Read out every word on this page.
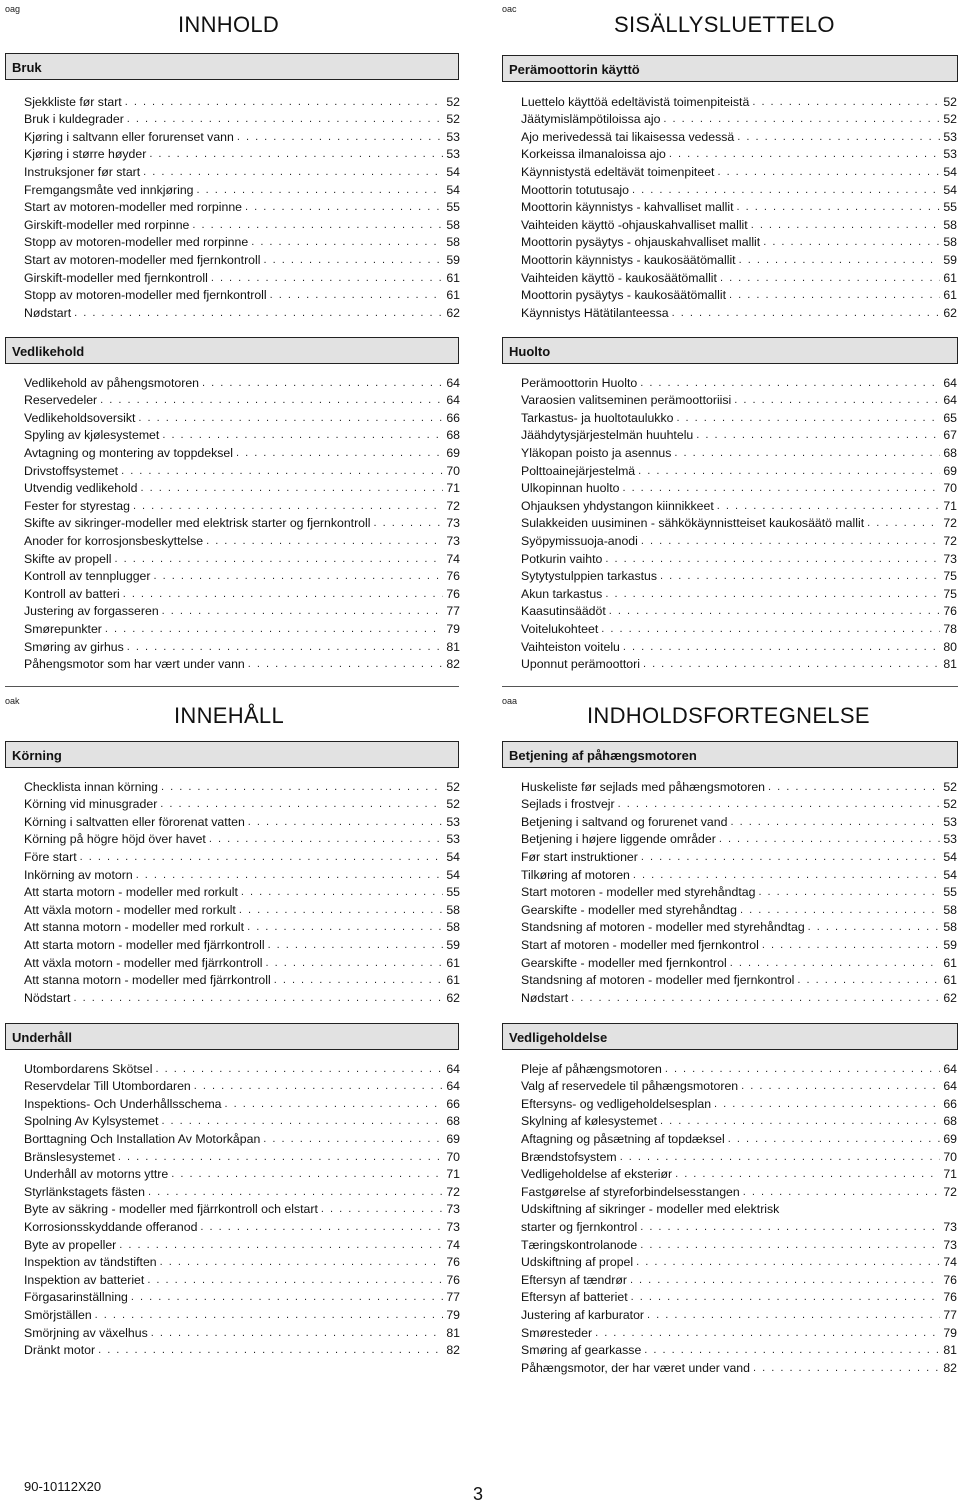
oag
INNHOLD
Bruk
Sjekkliste før start . . .	52
Bruk i kuldegrader . . .	52
Kjøring i saltvann eller forurenset vann . . .	53
Kjøring i større høyder . . .	53
Instruksjoner før start . . .	54
Fremgangsmåte ved innkjøring . . .	54
Start av motoren-modeller med rorpinne . . .	55
Girskift-modeller med rorpinne . . .	58
Stopp av motoren-modeller med rorpinne . . .	58
Start av motoren-modeller med fjernkontroll . . .	59
Girskift-modeller med fjernkontroll . . .	61
Stopp av motoren-modeller med fjernkontroll . . .	61
Nødstart . . .	62
Vedlikehold
Vedlikehold av påhengsmotoren . . .	64
Reservedeler . . .	64
Vedlikeholdsoversikt . . .	66
Spyling av kjølesystemet . . .	68
Avtagning og montering av toppdeksel . . .	69
Drivstoffsystemet . . .	70
Utvendig vedlikehold . . .	71
Fester for styrestag . . .	72
Skifte av sikringer-modeller med elektrisk starter og fjernkontroll . . .	73
Anoder for korrosjonsbeskyttelse . . .	73
Skifte av propell . . .	74
Kontroll av tennplugger . . .	76
Kontroll av batteri . . .	76
Justering av forgasseren . . .	77
Smørepunkter . . .	79
Smøring av girhus . . .	81
Påhengsmotor som har vært under vann . . .	82
oac
SISÄLLYSLUETTELO
Perämoottorin käyttö
Luettelo käyttöä edeltävistä toimenpiteistä . . .	52
Jäätymislämpötiloissa ajo . . .	52
Ajo merivedessä tai likaisessa vedessä . . .	53
Korkeissa ilmanaloissa ajo . . .	53
Käynnistystä edeltävät toimenpiteet . . .	54
Moottorin totutusajo . . .	54
Moottorin käynnistys - kahvalliset mallit . . .	55
Vaihteiden käyttö -ohjauskahvalliset mallit . . .	58
Moottorin pysäytys - ohjauskahvalliset mallit . . .	58
Moottorin käynnistys - kaukosäätömallit . . .	59
Vaihteiden käyttö - kaukosäätömallit . . .	61
Moottorin pysäytys - kaukosäätömallit . . .	61
Käynnistys Hätätilanteessa . . .	62
Huolto
Perämoottorin Huolto . . .	64
Varaosien valitseminen perämoottoriisi . . .	64
Tarkastus- ja huoltotaulukko . . .	65
Jäähdytysjärjestelmän huuhtelu . . .	67
Yläkopan poisto ja asennus . . .	68
Polttoainejärjestelmä . . .	69
Ulkopinnan huolto . . .	70
Ohjauksen yhdystangon kiinnikkeet . . .	71
Sulakkeiden uusiminen - sähkökäynnistteiset kaukosäätö mallit . . .	72
Syöpymissuoja-anodi . . .	72
Potkurin vaihto . . .	73
Sytytystulppien tarkastus . . .	75
Akun tarkastus . . .	75
Kaasutinsäädöt . . .	76
Voitelukohteet . . .	78
Vaihteiston voitelu . . .	80
Uponnut perämoottori . . .	81
oak
INNEHÅLL
Körning
Checklista innan körning . . .	52
Körning vid minusgrader . . .	52
Körning i saltvatten eller förorenat vatten . . .	53
Körning på högre höjd över havet . . .	53
Före start . . .	54
Inkörning av motorn . . .	54
Att starta motorn - modeller med rorkult . . .	55
Att växla motorn - modeller med rorkult . . .	58
Att stanna motorn - modeller med rorkult . . .	58
Att starta motorn - modeller med fjärrkontroll . . .	59
Att växla motorn - modeller med fjärrkontroll . . .	61
Att stanna motorn - modeller med fjärrkontroll . . .	61
Nödstart . . .	62
Underhåll
Utombordarens Skötsel . . .	64
Reservdelar Till Utombordaren . . .	64
Inspektions- Och Underhållsschema . . .	66
Spolning Av Kylsystemet . . .	68
Borttagning Och Installation Av Motorkåpan . . .	69
Bränslesystemet . . .	70
Underhåll av motorns yttre . . .	71
Styrlänkstagets fästen . . .	72
Byte av säkring - modeller med fjärrkontroll och elstart . . .	73
Korrosionsskyddande offeranod . . .	73
Byte av propeller . . .	74
Inspektion av tändstiften . . .	76
Inspektion av batteriet . . .	76
Förgasarinställning . . .	77
Smörjställen . . .	79
Smörjning av växelhus . . .	81
Dränkt motor . . .	82
oaa
INDHOLDSFORTEGNELSE
Betjening af påhængsmotoren
Huskeliste før sejlads med påhængsmotoren . . .	52
Sejlads i frostvejr . . .	52
Betjening i saltvand og forurenet vand . . .	53
Betjening i højere liggende områder . . .	53
Før start instruktioner . . .	54
Tilkøring af motoren . . .	54
Start motoren - modeller med styrehåndtag . . .	55
Gearskifte - modeller med styrehåndtag . . .	58
Standsning af motoren - modeller med styrehåndtag . . .	58
Start af motoren - modeller med fjernkontrol . . .	59
Gearskifte - modeller med fjernkontrol . . .	61
Standsning af motoren - modeller med fjernkontrol . . .	61
Nødstart . . .	62
Vedligeholdelse
Pleje af påhængsmotoren . . .	64
Valg af reservedele til påhængsmotoren . . .	64
Eftersyns- og vedligeholdelsesplan . . .	66
Skylning af kølesystemet . . .	68
Aftagning og påsætning af topdæksel . . .	69
Brændstofsystem . . .	70
Vedligeholdelse af eksteriør . . .	71
Fastgørelse af styreforbindelsesstangen . . .	72
Udskiftning af sikringer - modeller med elektrisk
starter og fjernkontrol . . .	73
Tæringskontrolanode . . .	73
Udskiftning af propel . . .	74
Eftersyn af tændrør . . .	76
Eftersyn af batteriet . . .	76
Justering af karburator . . .	77
Smøresteder . . .	79
Smøring af gearkasse . . .	81
Påhængsmotor, der har været under vand . . .	82
90-10112X20	3
